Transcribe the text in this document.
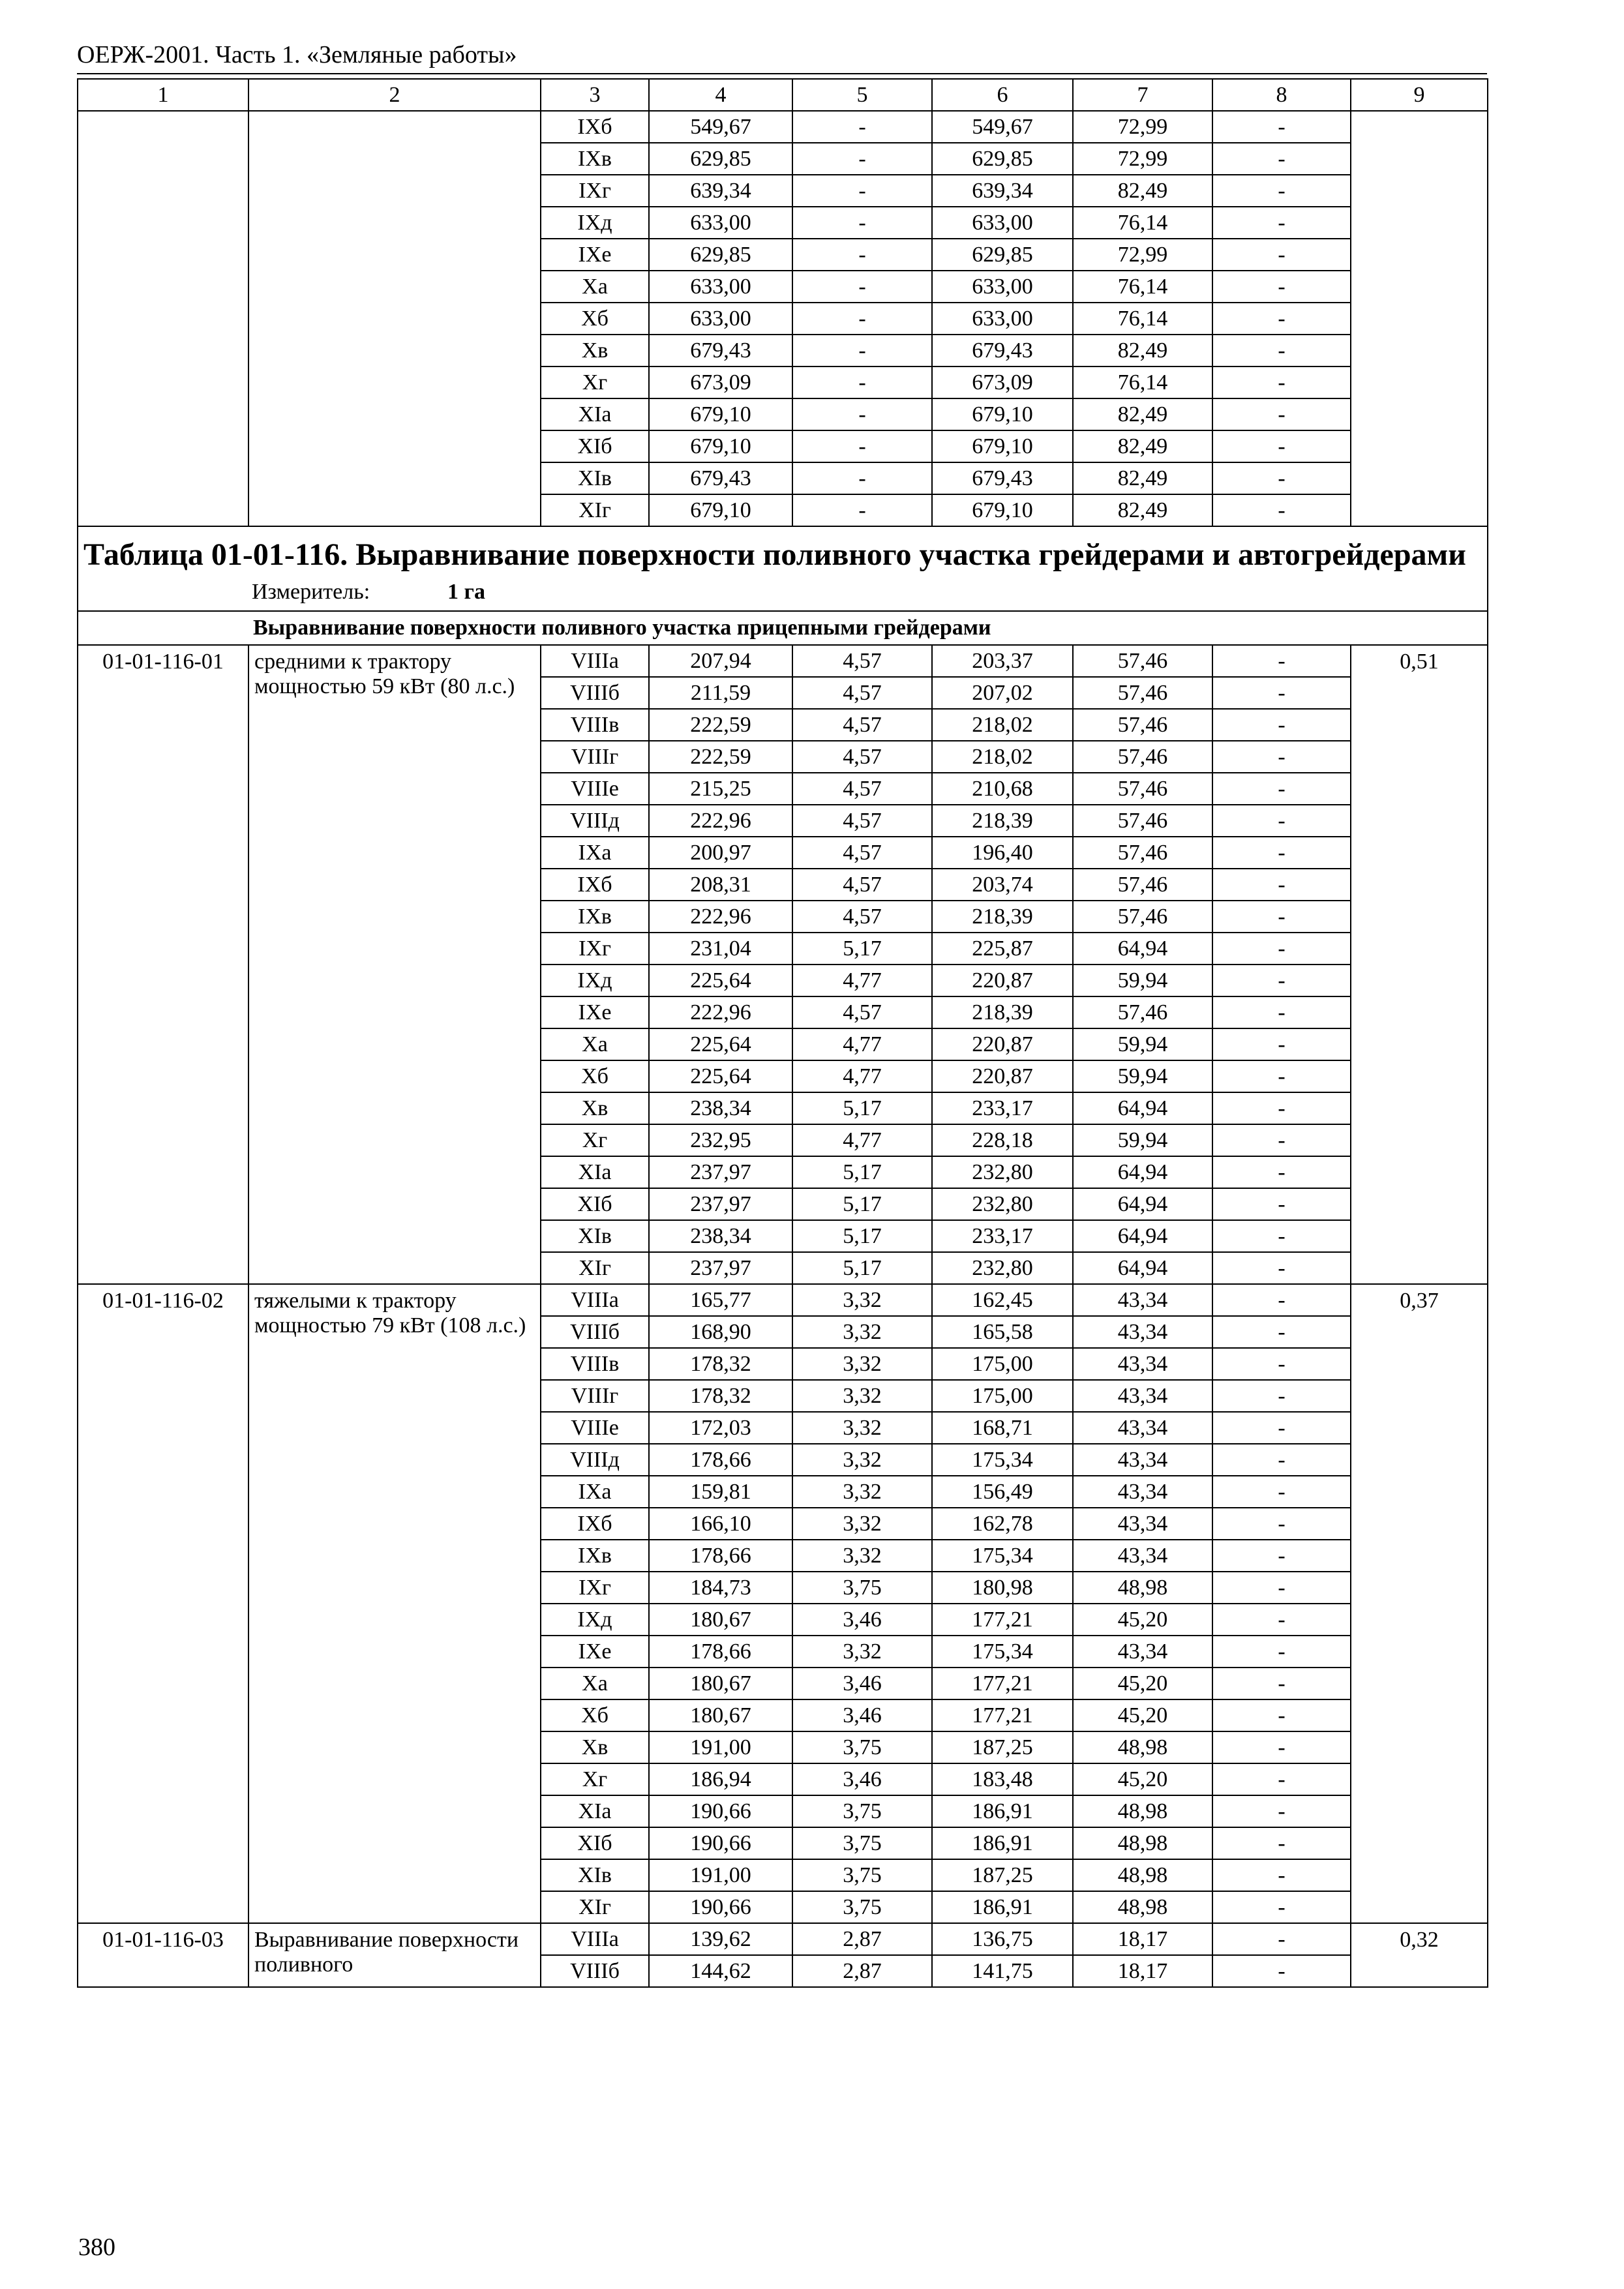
ОЕРЖ-2001. Часть 1. «Земляные работы»
1	2	3	4	5	6	7	8	9
		IXб	549,67	-	549,67	72,99	-	
		IXв	629,85	-	629,85	72,99	-	
		IXг	639,34	-	639,34	82,49	-	
		IXд	633,00	-	633,00	76,14	-	
		IXе	629,85	-	629,85	72,99	-	
		Xа	633,00	-	633,00	76,14	-	
		Xб	633,00	-	633,00	76,14	-	
		Xв	679,43	-	679,43	82,49	-	
		Xг	673,09	-	673,09	76,14	-	
		XIа	679,10	-	679,10	82,49	-	
		XIб	679,10	-	679,10	82,49	-	
		XIв	679,43	-	679,43	82,49	-	
		XIг	679,10	-	679,10	82,49	-	

Таблица 01-01-116. Выравнивание поверхности поливного участка грейдерами и автогрейдерами
Измеритель: 1 га								

Выравнивание поверхности поливного участка прицепными грейдерами								
01-01-116-01	средними к трактору мощностью 59 кВт (80 л.с.)	VIIIа	207,94	4,57	203,37	57,46	-	0,51
		VIIIб	211,59	4,57	207,02	57,46	-	
		VIIIв	222,59	4,57	218,02	57,46	-	
		VIIIг	222,59	4,57	218,02	57,46	-	
		VIIIе	215,25	4,57	210,68	57,46	-	
		VIIIд	222,96	4,57	218,39	57,46	-	
		IXа	200,97	4,57	196,40	57,46	-	
		IXб	208,31	4,57	203,74	57,46	-	
		IXв	222,96	4,57	218,39	57,46	-	
		IXг	231,04	5,17	225,87	64,94	-	
		IXд	225,64	4,77	220,87	59,94	-	
		IXе	222,96	4,57	218,39	57,46	-	
		Xа	225,64	4,77	220,87	59,94	-	
		Xб	225,64	4,77	220,87	59,94	-	
		Xв	238,34	5,17	233,17	64,94	-	
		Xг	232,95	4,77	228,18	59,94	-	
		XIа	237,97	5,17	232,80	64,94	-	
		XIб	237,97	5,17	232,80	64,94	-	
		XIв	238,34	5,17	233,17	64,94	-	
		XIг	237,97	5,17	232,80	64,94	-	
01-01-116-02	тяжелыми к трактору мощностью 79 кВт (108 л.с.)	VIIIа	165,77	3,32	162,45	43,34	-	0,37
		VIIIб	168,90	3,32	165,58	43,34	-	
		VIIIв	178,32	3,32	175,00	43,34	-	
		VIIIг	178,32	3,32	175,00	43,34	-	
		VIIIе	172,03	3,32	168,71	43,34	-	
		VIIIд	178,66	3,32	175,34	43,34	-	
		IXа	159,81	3,32	156,49	43,34	-	
		IXб	166,10	3,32	162,78	43,34	-	
		IXв	178,66	3,32	175,34	43,34	-	
		IXг	184,73	3,75	180,98	48,98	-	
		IXд	180,67	3,46	177,21	45,20	-	
		IXе	178,66	3,32	175,34	43,34	-	
		Xа	180,67	3,46	177,21	45,20	-	
		Xб	180,67	3,46	177,21	45,20	-	
		Xв	191,00	3,75	187,25	48,98	-	
		Xг	186,94	3,46	183,48	45,20	-	
		XIа	190,66	3,75	186,91	48,98	-	
		XIб	190,66	3,75	186,91	48,98	-	
		XIв	191,00	3,75	187,25	48,98	-	
		XIг	190,66	3,75	186,91	48,98	-	
01-01-116-03	Выравнивание поверхности поливного	VIIIа	139,62	2,87	136,75	18,17	-	0,32
		VIIIб	144,62	2,87	141,75	18,17	-	
380
